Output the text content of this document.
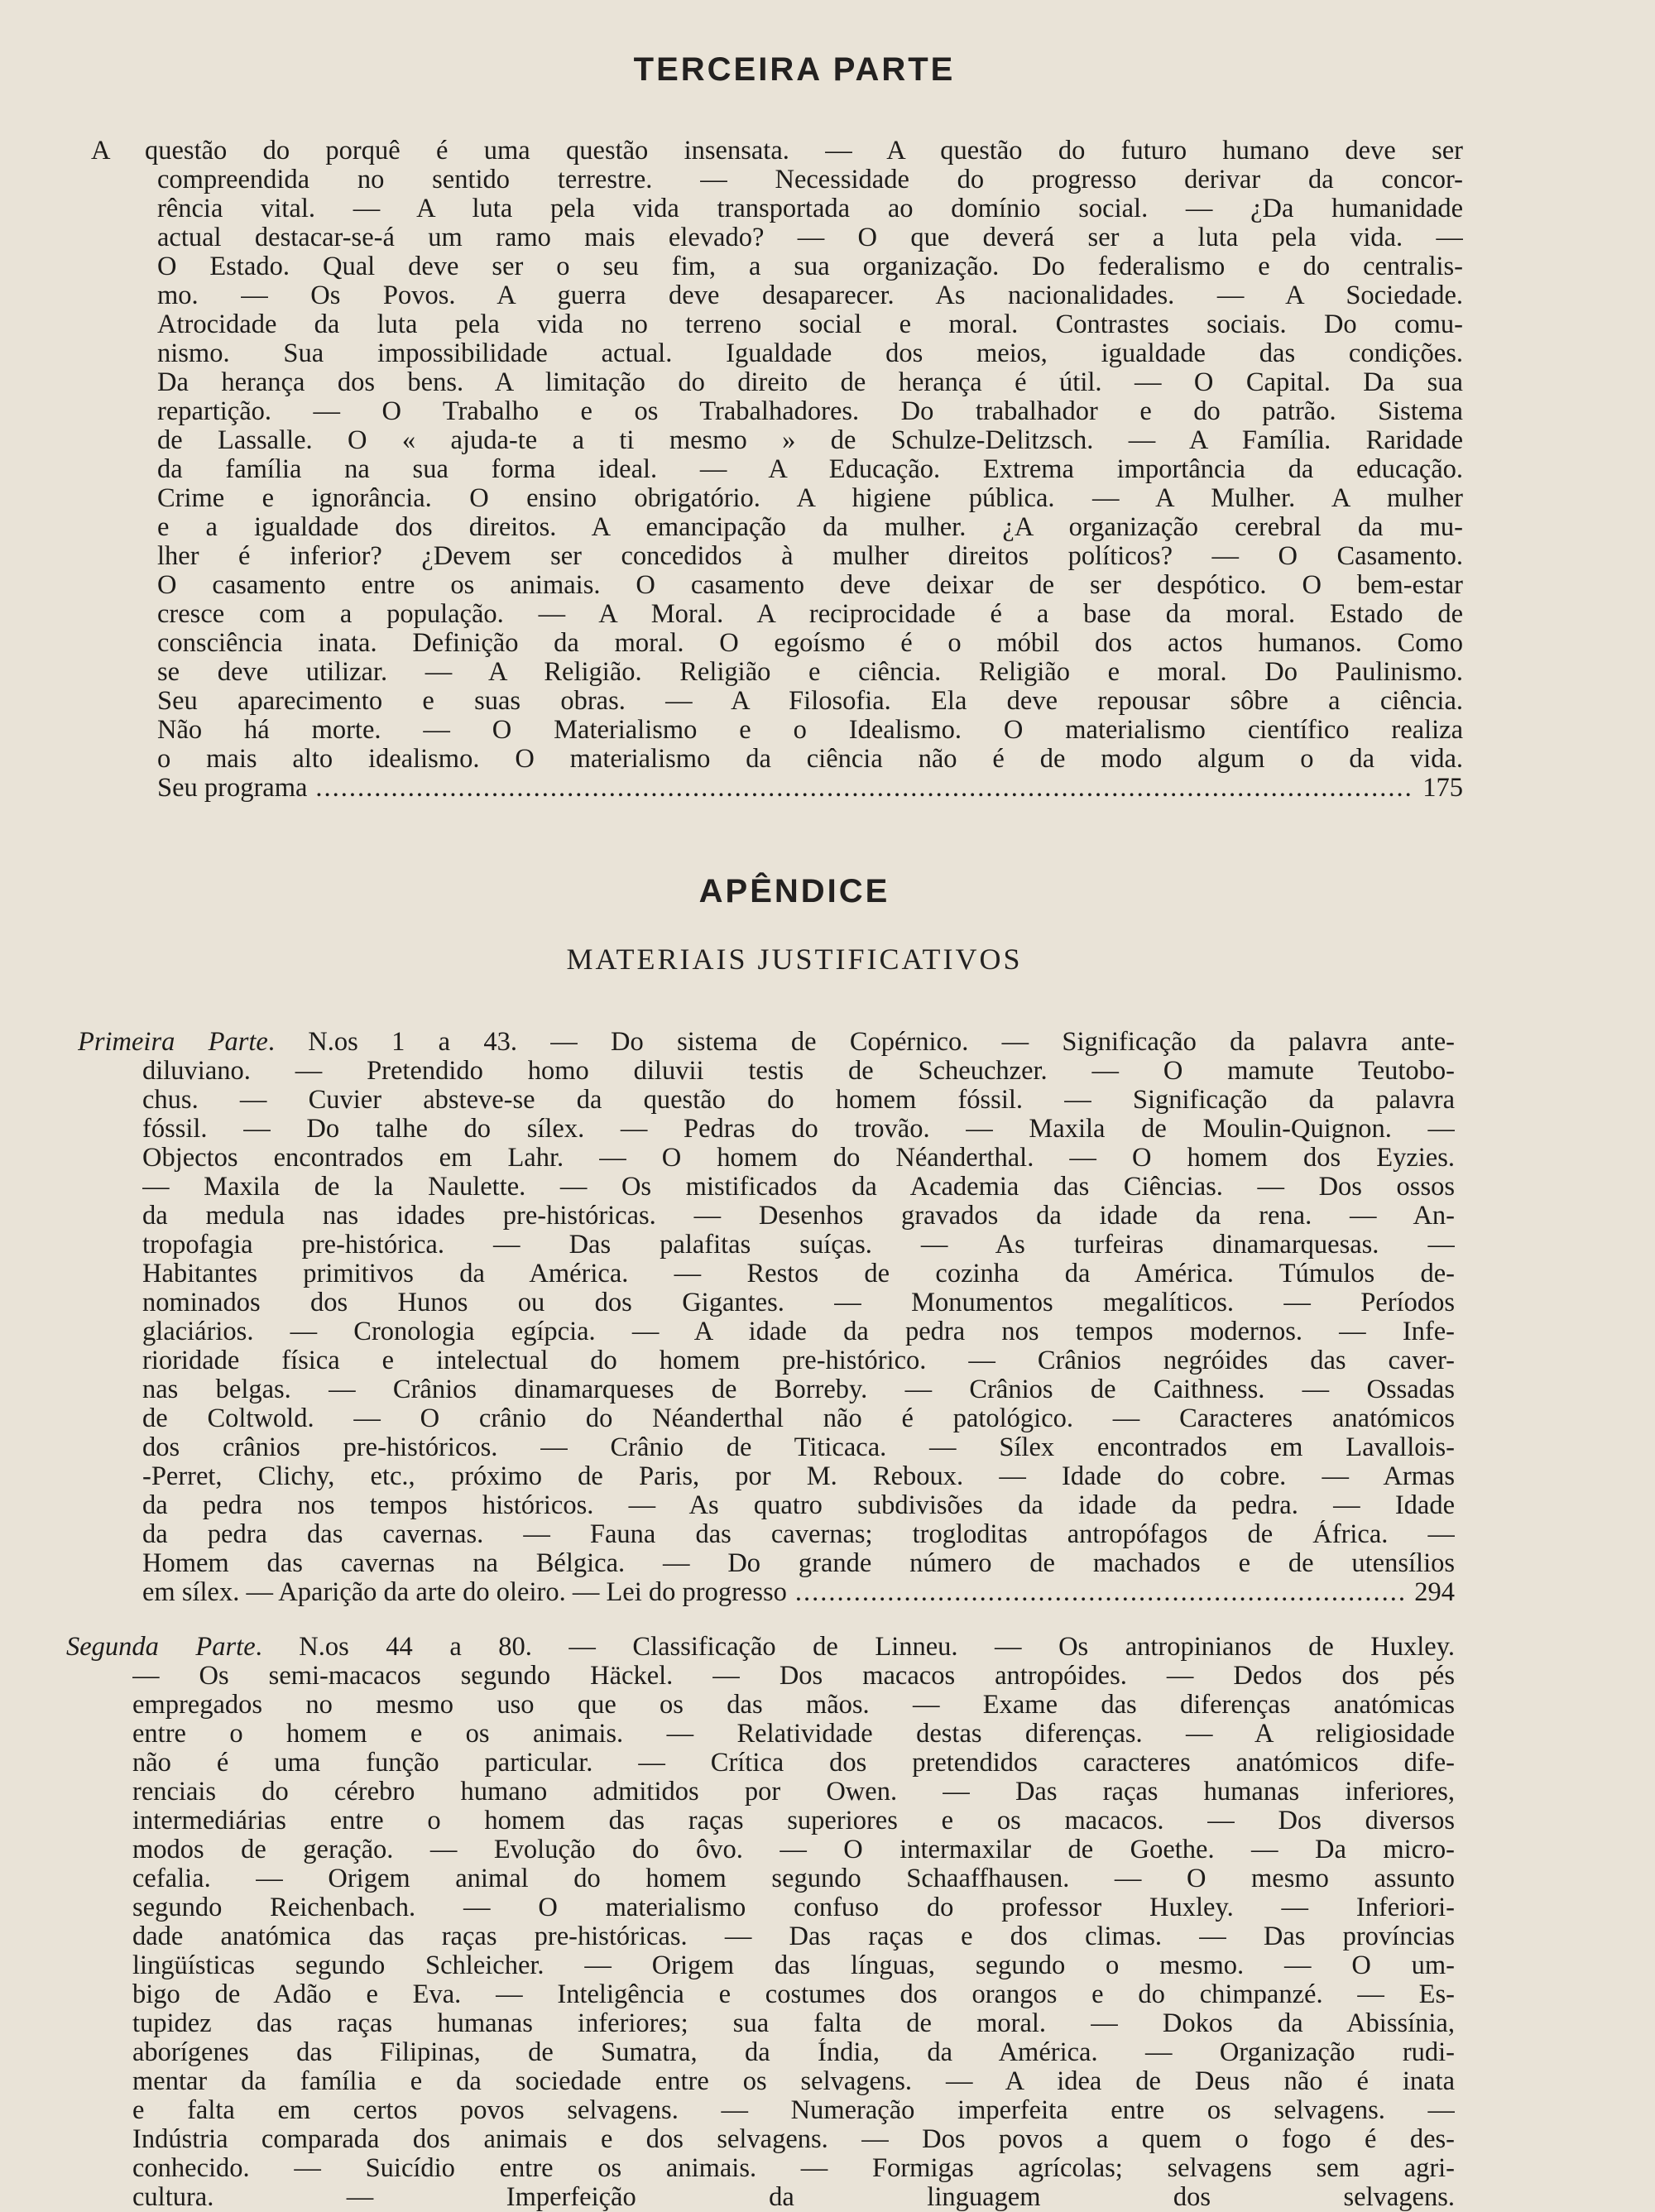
TERCEIRA PARTE
A questão do porquê é uma questão insensata. — A questão do futuro humano deve ser
compreendida no sentido terrestre. — Necessidade do progresso derivar da concor-
rência vital. — A luta pela vida transportada ao domínio social. — ¿Da humanidade
actual destacar-se-á um ramo mais elevado? — O que deverá ser a luta pela vida. —
O Estado. Qual deve ser o seu fim, a sua organização. Do federalismo e do centralis-
mo. — Os Povos. A guerra deve desaparecer. As nacionalidades. — A Sociedade.
Atrocidade da luta pela vida no terreno social e moral. Contrastes sociais. Do comu-
nismo. Sua impossibilidade actual. Igualdade dos meios, igualdade das condições.
Da herança dos bens. A limitação do direito de herança é útil. — O Capital. Da sua
repartição. — O Trabalho e os Trabalhadores. Do trabalhador e do patrão. Sistema
de Lassalle. O « ajuda-te a ti mesmo » de Schulze-Delitzsch. — A Família. Raridade
da família na sua forma ideal. — A Educação. Extrema importância da educação.
Crime e ignorância. O ensino obrigatório. A higiene pública. — A Mulher. A mulher
e a igualdade dos direitos. A emancipação da mulher. ¿A organização cerebral da mu-
lher é inferior? ¿Devem ser concedidos à mulher direitos políticos? — O Casamento.
O casamento entre os animais. O casamento deve deixar de ser despótico. O bem-estar
cresce com a população. — A Moral. A reciprocidade é a base da moral. Estado de
consciência inata. Definição da moral. O egoísmo é o móbil dos actos humanos. Como
se deve utilizar. — A Religião. Religião e ciência. Religião e moral. Do Paulinismo.
Seu aparecimento e suas obras. — A Filosofia. Ela deve repousar sôbre a ciência.
Não há morte. — O Materialismo e o Idealismo. O materialismo científico realiza
o mais alto idealismo. O materialismo da ciência não é de modo algum o da vida.
Seu programa .....	175
APÊNDICE
MATERIAIS JUSTIFICATIVOS
Primeira Parte. N.os 1 a 43. — Do sistema de Copérnico. — Significação da palavra ante-
diluviano. — Pretendido homo diluvii testis de Scheuchzer. — O mamute Teutobo-
chus. — Cuvier absteve-se da questão do homem fóssil. — Significação da palavra
fóssil. — Do talhe do sílex. — Pedras do trovão. — Maxila de Moulin-Quignon. —
Objectos encontrados em Lahr. — O homem do Néanderthal. — O homem dos Eyzies.
— Maxila de la Naulette. — Os mistificados da Academia das Ciências. — Dos ossos
da medula nas idades pre-históricas. — Desenhos gravados da idade da rena. — An-
tropofagia pre-histórica. — Das palafitas suíças. — As turfeiras dinamarquesas. —
Habitantes primitivos da América. — Restos de cozinha da América. Túmulos de-
nominados dos Hunos ou dos Gigantes. — Monumentos megalíticos. — Períodos
glaciários. — Cronologia egípcia. — A idade da pedra nos tempos modernos. — Infe-
rioridade física e intelectual do homem pre-histórico. — Crânios negróides das caver-
nas belgas. — Crânios dinamarqueses de Borreby. — Crânios de Caithness. — Ossadas
de Coltwold. — O crânio do Néanderthal não é patológico. — Caracteres anatómicos
dos crânios pre-históricos. — Crânio de Titicaca. — Sílex encontrados em Lavallois-
-Perret, Clichy, etc., próximo de Paris, por M. Reboux. — Idade do cobre. — Armas
da pedra nos tempos históricos. — As quatro subdivisões da idade da pedra. — Idade
da pedra das cavernas. — Fauna das cavernas; trogloditas antropófagos de África. —
Homem das cavernas na Bélgica. — Do grande número de machados e de utensílios
em sílex. — Aparição da arte do oleiro. — Lei do progresso .....	294
Segunda Parte. N.os 44 a 80. — Classificação de Linneu. — Os antropinianos de Huxley.
— Os semi-macacos segundo Häckel. — Dos macacos antropóides. — Dedos dos pés
empregados no mesmo uso que os das mãos. — Exame das diferenças anatómicas
entre o homem e os animais. — Relatividade destas diferenças. — A religiosidade
não é uma função particular. — Crítica dos pretendidos caracteres anatómicos dife-
renciais do cérebro humano admitidos por Owen. — Das raças humanas inferiores,
intermediárias entre o homem das raças superiores e os macacos. — Dos diversos
modos de geração. — Evolução do ôvo. — O intermaxilar de Goethe. — Da micro-
cefalia. — Origem animal do homem segundo Schaaffhausen. — O mesmo assunto
segundo Reichenbach. — O materialismo confuso do professor Huxley. — Inferiori-
dade anatómica das raças pre-históricas. — Das raças e dos climas. — Das províncias
lingüísticas segundo Schleicher. — Origem das línguas, segundo o mesmo. — O um-
bigo de Adão e Eva. — Inteligência e costumes dos orangos e do chimpanzé. — Es-
tupidez das raças humanas inferiores; sua falta de moral. — Dokos da Abissínia,
aborígenes das Filipinas, de Sumatra, da Índia, da América. — Organização rudi-
mentar da família e da sociedade entre os selvagens. — A idea de Deus não é inata
e falta em certos povos selvagens. — Numeração imperfeita entre os selvagens. —
Indústria comparada dos animais e dos selvagens. — Dos povos a quem o fogo é des-
conhecido. — Suicídio entre os animais. — Formigas agrícolas; selvagens sem agri-
cultura. — Imperfeição da linguagem dos selvagens.
